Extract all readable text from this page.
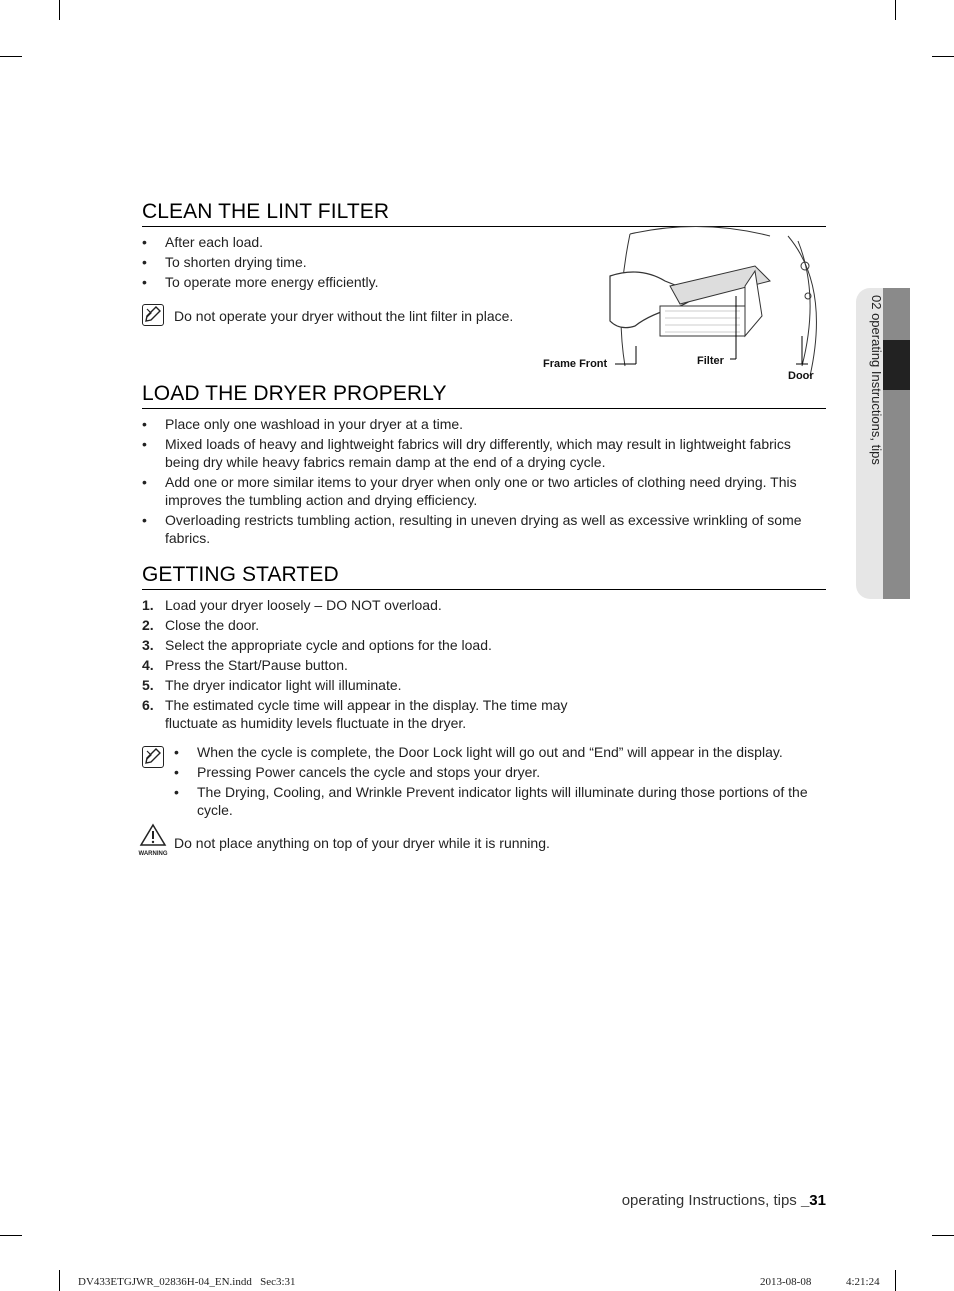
02 operating Instructions, tips
CLEAN THE LINT FILTER
• After each load.
• To shorten drying time.
• To operate more energy efficiently.
Do not operate your dryer without the lint filter in place.
Frame Front	Filter
Door
LOAD THE DRYER PROPERLY
• Place only one washload in your dryer at a time.
• Mixed loads of heavy and lightweight fabrics will dry differently, which may result in lightweight fabrics being dry while heavy fabrics remain damp at the end of a drying cycle.
• Add one or more similar items to your dryer when only one or two articles of clothing need drying. This improves the tumbling action and drying efficiency.
• Overloading restricts tumbling action, resulting in uneven drying as well as excessive wrinkling of some fabrics.
GETTING STARTED
1. Load your dryer loosely – DO NOT overload.
2. Close the door.
3. Select the appropriate cycle and options for the load.
4. Press the Start/Pause button.
5. The dryer indicator light will illuminate.
6. The estimated cycle time will appear in the display. The time may fluctuate as humidity levels fluctuate in the dryer.
• When the cycle is complete, the Door Lock light will go out and “End” will appear in the display.
• Pressing Power cancels the cycle and stops your dryer.
• The Drying, Cooling, and Wrinkle Prevent indicator lights will illuminate during those portions of the cycle.
WARNING
Do not place anything on top of your dryer while it is running.
operating Instructions, tips _31
DV433ETGJWR_02836H-04_EN.indd   Sec3:31	2013-08-08	4:21:24
